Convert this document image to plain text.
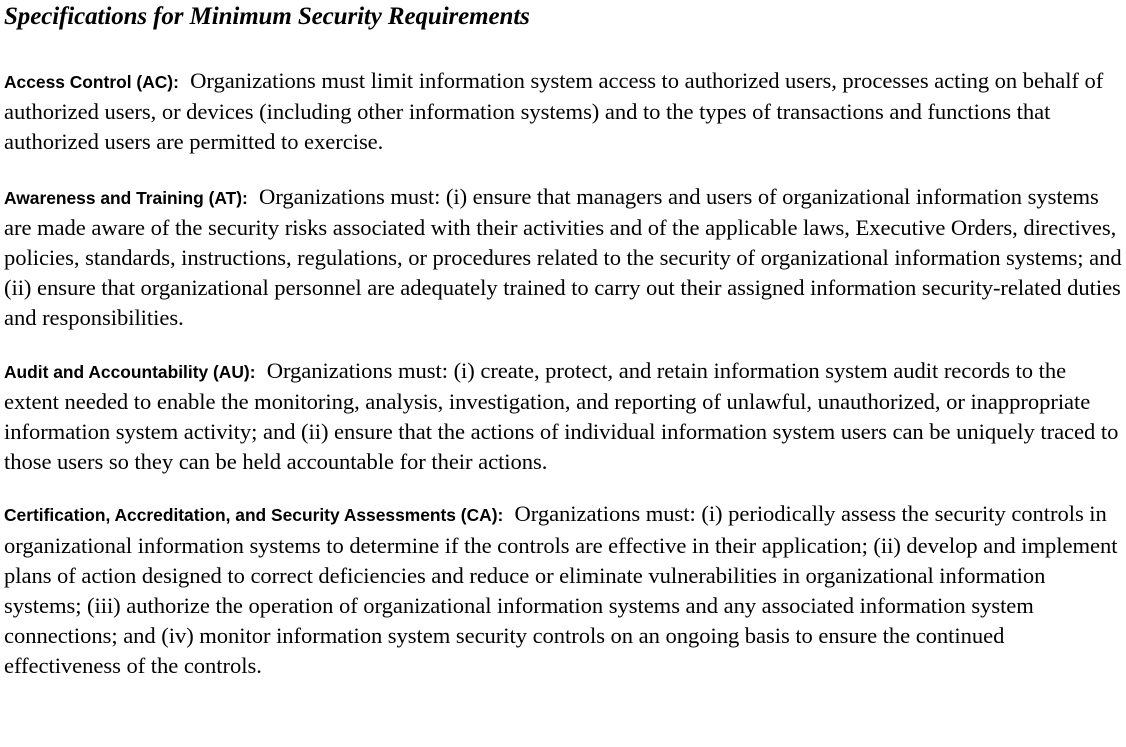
Specifications for Minimum Security Requirements

Access Control (AC): Organizations must limit information system access to authorized users, processes acting on behalf of authorized users, or devices (including other information systems) and to the types of transactions and functions that authorized users are permitted to exercise.

Awareness and Training (AT): Organizations must: (i) ensure that managers and users of organizational information systems are made aware of the security risks associated with their activities and of the applicable laws, Executive Orders, directives, policies, standards, instructions, regulations, or procedures related to the security of organizational information systems; and (ii) ensure that organizational personnel are adequately trained to carry out their assigned information security-related duties and responsibilities.

Audit and Accountability (AU): Organizations must: (i) create, protect, and retain information system audit records to the extent needed to enable the monitoring, analysis, investigation, and reporting of unlawful, unauthorized, or inappropriate information system activity; and (ii) ensure that the actions of individual information system users can be uniquely traced to those users so they can be held accountable for their actions.

Certification, Accreditation, and Security Assessments (CA): Organizations must: (i) periodically assess the security controls in organizational information systems to determine if the controls are effective in their application; (ii) develop and implement plans of action designed to correct deficiencies and reduce or eliminate vulnerabilities in organizational information systems; (iii) authorize the operation of organizational information systems and any associated information system connections; and (iv) monitor information system security controls on an ongoing basis to ensure the continued effectiveness of the controls.
